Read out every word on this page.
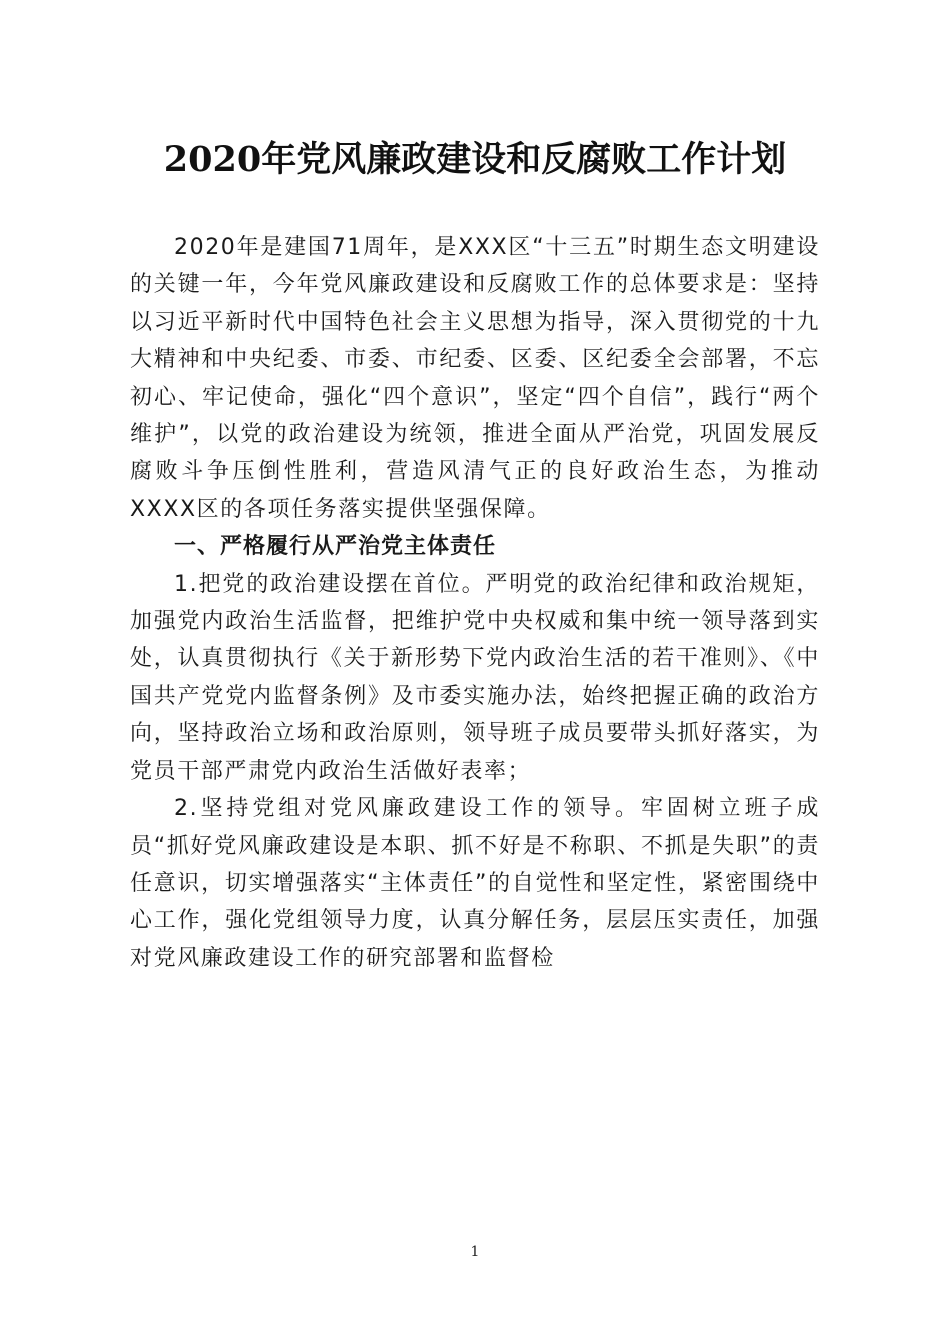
2020年党风廉政建设和反腐败工作计划

2020年是建国71周年，是XXX区“十三五”时期生态文明建设的关键一年，今年党风廉政建设和反腐败工作的总体要求是：坚持以习近平新时代中国特色社会主义思想为指导，深入贯彻党的十九大精神和中央纪委、市委、市纪委、区委、区纪委全会部署，不忘初心、牢记使命，强化“四个意识”，坚定“四个自信”，践行“两个维护”，以党的政治建设为统领，推进全面从严治党，巩固发展反腐败斗争压倒性胜利，营造风清气正的良好政治生态，为推动XXXX区的各项任务落实提供坚强保障。

一、严格履行从严治党主体责任

1.把党的政治建设摆在首位。严明党的政治纪律和政治规矩，加强党内政治生活监督，把维护党中央权威和集中统一领导落到实处，认真贯彻执行《关于新形势下党内政治生活的若干准则》、《中国共产党党内监督条例》及市委实施办法，始终把握正确的政治方向，坚持政治立场和政治原则，领导班子成员要带头抓好落实，为党员干部严肃党内政治生活做好表率；

2.坚持党组对党风廉政建设工作的领导。牢固树立班子成员“抓好党风廉政建设是本职、抓不好是不称职、不抓是失职”的责任意识，切实增强落实“主体责任”的自觉性和坚定性，紧密围绕中心工作，强化党组领导力度，认真分解任务，层层压实责任，加强对党风廉政建设工作的研究部署和监督检

1
